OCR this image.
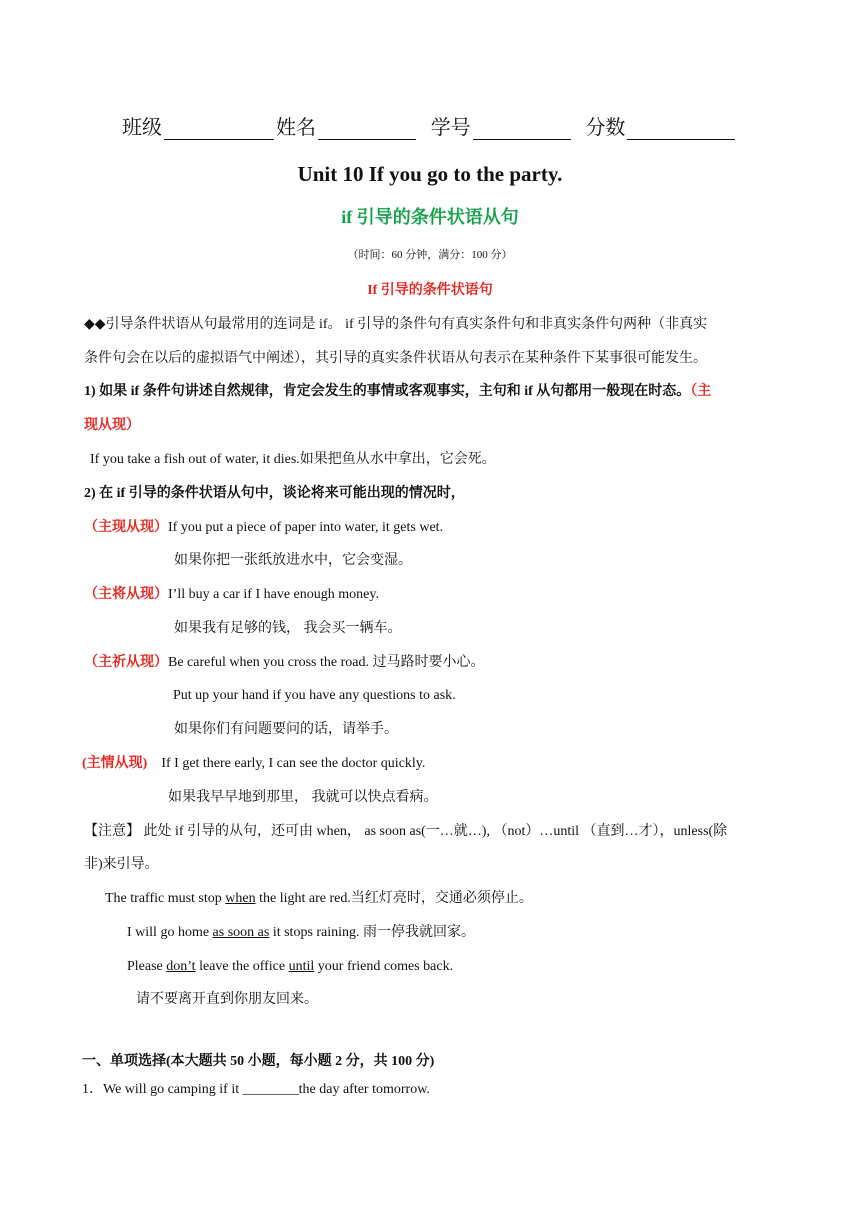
班级	姓名	学号	分数
Unit 10 If you go to the party.
if 引导的条件状语从句
（时间：60 分钟，满分：100 分）
If 引导的条件状语句
◆◆引导条件状语从句最常用的连词是 if。 if 引导的条件句有真实条件句和非真实条件句两种（非真实
条件句会在以后的虚拟语气中阐述），其引导的真实条件状语从句表示在某种条件下某事很可能发生。
1) 如果 if 条件句讲述自然规律，肯定会发生的事情或客观事实，主句和 if 从句都用一般现在时态。（主
现从现）
If you take a fish out of water, it dies.如果把鱼从水中拿出，它会死。
2) 在 if 引导的条件状语从句中，谈论将来可能出现的情况时，
（主现从现）If you put a piece of paper into water, it gets wet.
如果你把一张纸放进水中，它会变湿。
（主将从现）I’ll buy a car if I have enough money.
如果我有足够的钱， 我会买一辆车。
（主祈从现）Be careful when you cross the road. 过马路时要小心。
Put up your hand if you have any questions to ask.
如果你们有问题要问的话，请举手。
(主情从现) If I get there early, I can see the doctor quickly.
如果我早早地到那里， 我就可以快点看病。
【注意】 此处 if 引导的从句，还可由 when， as soon as(一…就…), （not）…until （直到…才），unless(除
非)来引导。
The traffic must stop when the light are red.当红灯亮时，交通必须停止。
I will go home as soon as it stops raining. 雨一停我就回家。
Please don’t leave the office until your friend comes back.
请不要离开直到你朋友回来。
一、单项选择(本大题共 50 小题，每小题 2 分，共 100 分)
1．We will go camping if it ________the day after tomorrow.
